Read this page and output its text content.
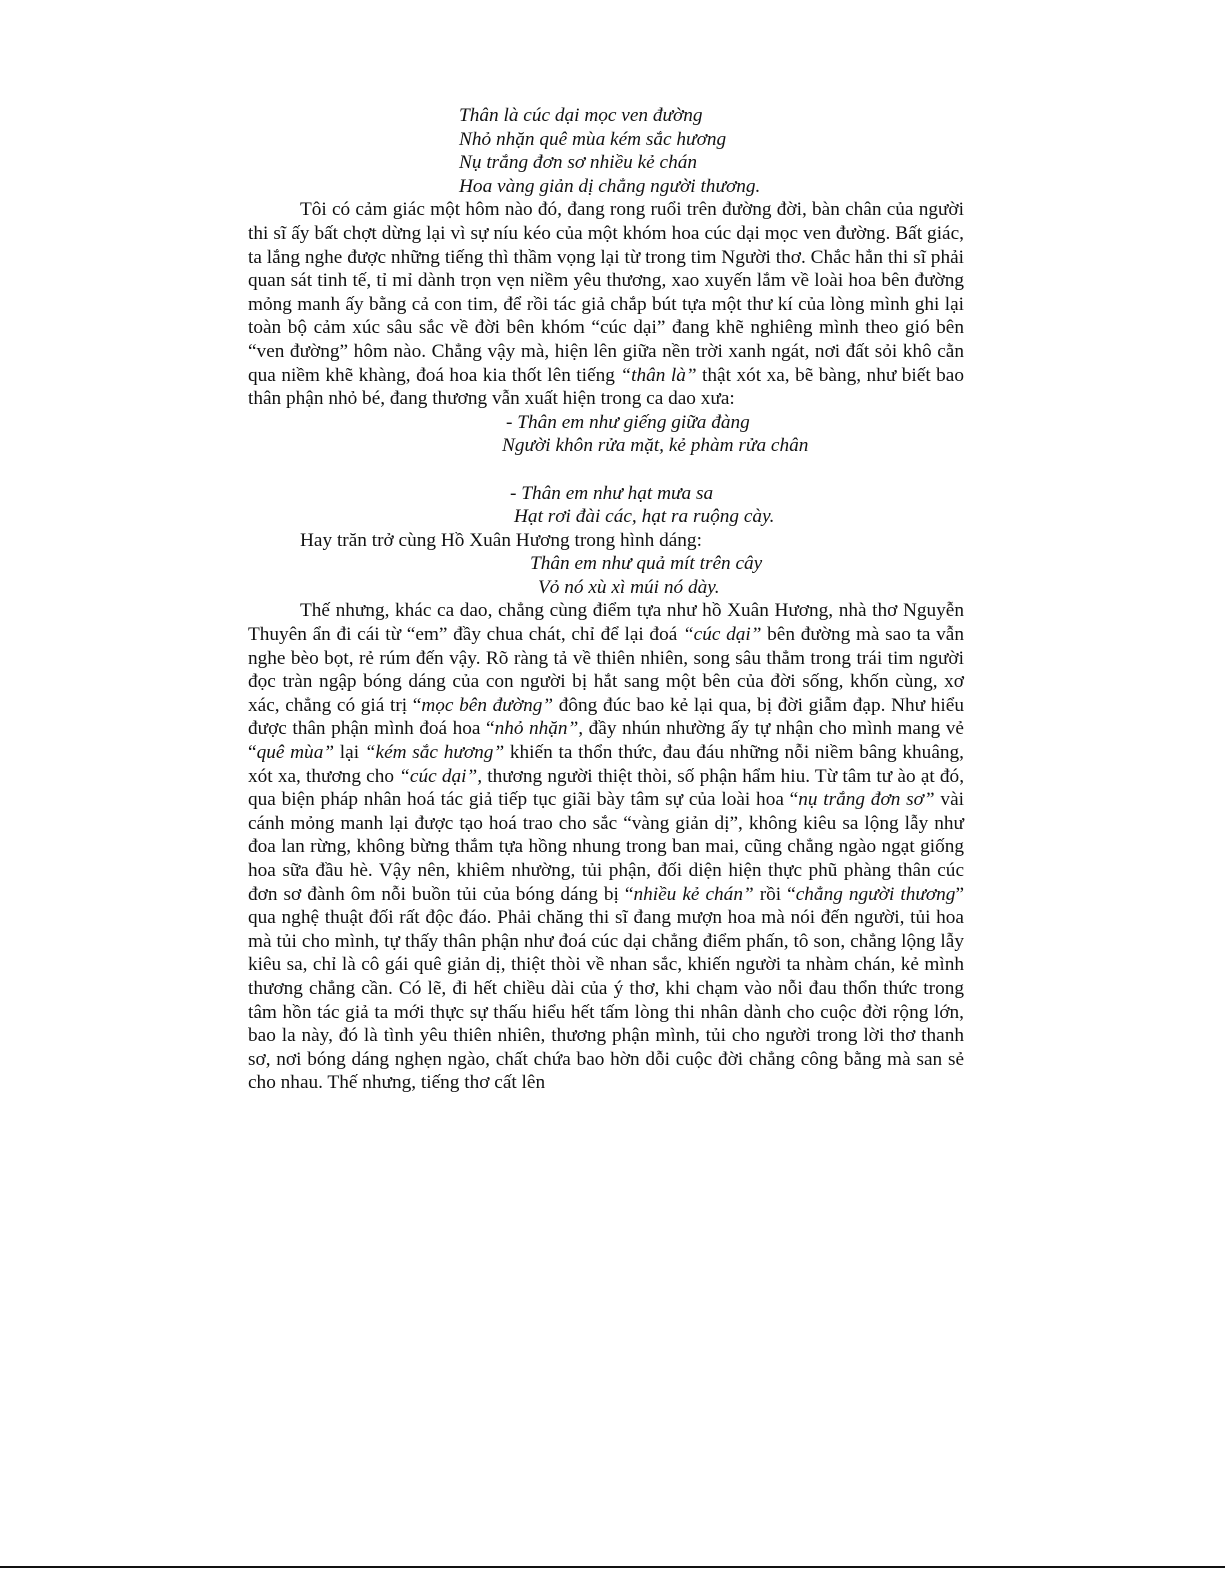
Thân là cúc dại mọc ven đường
Nhỏ nhặn quê mùa kém sắc hương
Nụ trắng đơn sơ nhiều kẻ chán
Hoa vàng giản dị chẳng người thương.

Tôi có cảm giác một hôm nào đó, đang rong ruổi trên đường đời, bàn chân của người thi sĩ ấy bất chợt dừng lại vì sự níu kéo của một khóm hoa cúc dại mọc ven đường. Bất giác, ta lắng nghe được những tiếng thì thầm vọng lại từ trong tim Người thơ. Chắc hẳn thi sĩ phải quan sát tinh tế, tỉ mỉ dành trọn vẹn niềm yêu thương, xao xuyến lắm về loài hoa bên đường mỏng manh ấy bằng cả con tim, để rồi tác giả chắp bút tựa một thư kí của lòng mình ghi lại toàn bộ cảm xúc sâu sắc về đời bên khóm “cúc dại” đang khẽ nghiêng mình theo gió bên “ven đường” hôm nào. Chẳng vậy mà, hiện lên giữa nền trời xanh ngát, nơi đất sỏi khô cằn qua niềm khẽ khàng, đoá hoa kia thốt lên tiếng “thân là” thật xót xa, bẽ bàng, như biết bao thân phận nhỏ bé, đang thương vẫn xuất hiện trong ca dao xưa:

- Thân em như giếng giữa đàng
Người khôn rửa mặt, kẻ phàm rửa chân
- Thân em như hạt mưa sa
Hạt rơi đài các, hạt ra ruộng cày.

Hay trăn trở cùng Hồ Xuân Hương trong hình dáng:

Thân em như quả mít trên cây
Vỏ nó xù xì múi nó dày.

Thế nhưng, khác ca dao, chẳng cùng điểm tựa như hồ Xuân Hương, nhà thơ Nguyễn Thuyên ẩn đi cái từ “em” đầy chua chát, chỉ để lại đoá “cúc dại” bên đường mà sao ta vẫn nghe bèo bọt, rẻ rúm đến vậy. Rõ ràng tả về thiên nhiên, song sâu thẳm trong trái tim người đọc tràn ngập bóng dáng của con người bị hắt sang một bên của đời sống, khốn cùng, xơ xác, chẳng có giá trị “mọc bên đường” đông đúc bao kẻ lại qua, bị đời giẫm đạp. Như hiểu được thân phận mình đoá hoa “nhỏ nhặn”, đầy nhún nhường ấy tự nhận cho mình mang vẻ “quê mùa” lại “kém sắc hương” khiến ta thổn thức, đau đáu những nỗi niềm bâng khuâng, xót xa, thương cho “cúc dại”, thương người thiệt thòi, số phận hẩm hiu. Từ tâm tư ào ạt đó, qua biện pháp nhân hoá tác giả tiếp tục giãi bày tâm sự của loài hoa “nụ trắng đơn sơ” vài cánh mỏng manh lại được tạo hoá trao cho sắc “vàng giản dị”, không kiêu sa lộng lẫy như đoa lan rừng, không bừng thắm tựa hồng nhung trong ban mai, cũng chẳng ngào ngạt giống hoa sữa đầu hè. Vậy nên, khiêm nhường, tủi phận, đối diện hiện thực phũ phàng thân cúc đơn sơ đành ôm nỗi buồn tủi của bóng dáng bị “nhiều kẻ chán” rồi “chẳng người thương” qua nghệ thuật đối rất độc đáo. Phải chăng thi sĩ đang mượn hoa mà nói đến người, tủi hoa mà tủi cho mình, tự thấy thân phận như đoá cúc dại chẳng điểm phấn, tô son, chẳng lộng lẫy kiêu sa, chỉ là cô gái quê giản dị, thiệt thòi về nhan sắc, khiến người ta nhàm chán, kẻ mình thương chẳng cần. Có lẽ, đi hết chiều dài của ý thơ, khi chạm vào nỗi đau thổn thức trong tâm hồn tác giả ta mới thực sự thấu hiểu hết tấm lòng thi nhân dành cho cuộc đời rộng lớn, bao la này, đó là tình yêu thiên nhiên, thương phận mình, tủi cho người trong lời thơ thanh sơ, nơi bóng dáng nghẹn ngào, chất chứa bao hờn dỗi cuộc đời chẳng công bằng mà san sẻ cho nhau. Thế nhưng, tiếng thơ cất lên
